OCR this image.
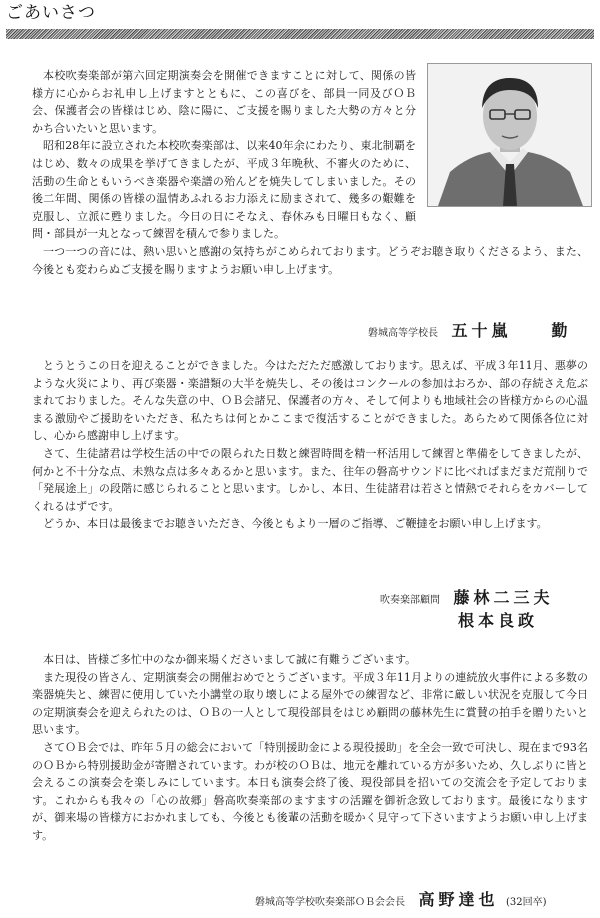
ごあいさつ

本校吹奏楽部が第六回定期演奏会を開催できますことに対して、関係の皆様方に心からお礼申し上げますとともに、この喜びを、部員一同及びＯＢ会、保護者会の皆様はじめ、陰に陽に、ご支援を賜りました大勢の方々と分かち合いたいと思います。

昭和28年に設立された本校吹奏楽部は、以来40年余にわたり、東北制覇をはじめ、数々の成果を挙げてきましたが、平成３年晩秋、不審火のために、活動の生命ともいうべき楽器や楽譜の殆んどを焼失してしまいました。その後二年間、関係の皆様の温情あふれるお力添えに励まされて、幾多の艱難を克服し、立派に甦りました。今日の日にそなえ、春休みも日曜日もなく、顧問・部員が一丸となって練習を積んで参りました。

一つ一つの音には、熱い思いと感謝の気持ちがこめられております。どうぞお聴き取りくださるよう、また、今後とも変わらぬご支援を賜りますようお願い申し上げます。

磐城高等学校長 五十嵐　　勤

とうとうこの日を迎えることができました。今はただただ感激しております。思えば、平成３年11月、悪夢のような火災により、再び楽器・楽譜類の大半を焼失し、その後はコンクールの参加はおろか、部の存続さえ危ぶまれておりました。そんな失意の中、ＯＢ会諸兄、保護者の方々、そして何よりも地域社会の皆様方からの心温まる激励やご援助をいただき、私たちは何とかここまで復活することができました。あらためて関係各位に対し、心から感謝申し上げます。

さて、生徒諸君は学校生活の中での限られた日数と練習時間を精一杯活用して練習と準備をしてきましたが、何かと不十分な点、未熟な点は多々あるかと思います。また、往年の磐高サウンドに比べればまだまだ荒削りで「発展途上」の段階に感じられることと思います。しかし、本日、生徒諸君は若さと情熱でそれらをカバーしてくれるはずです。

どうか、本日は最後までお聴きいただき、今後ともより一層のご指導、ご鞭撻をお願い申し上げます。

吹奏楽部顧問 藤林二三夫
根本良政

本日は、皆様ご多忙中のなか御来場くださいまして誠に有難うございます。

また現役の皆さん、定期演奏会の開催おめでとうございます。平成３年11月よりの連続放火事件による多数の楽器焼失と、練習に使用していた小講堂の取り壊しによる屋外での練習など、非常に厳しい状況を克服して今日の定期演奏会を迎えられたのは、ＯＢの一人として現役部員をはじめ顧問の藤林先生に賞賛の拍手を贈りたいと思います。

さてＯＢ会では、昨年５月の総会において「特別援助金による現役援助」を全会一致で可決し、現在まで93名のＯＢから特別援助金が寄贈されています。わが校のＯＢは、地元を離れている方が多いため、久しぶりに皆と会えるこの演奏会を楽しみにしています。本日も演奏会終了後、現役部員を招いての交流会を予定しております。これからも我々の「心の故郷」磐高吹奏楽部のますますの活躍を御祈念致しております。最後になりますが、御来場の皆様方におかれましても、今後とも後輩の活動を暖かく見守って下さいますようお願い申し上げます。

磐城高等学校吹奏楽部ＯＢ会会長 高野達也 (32回卒)
